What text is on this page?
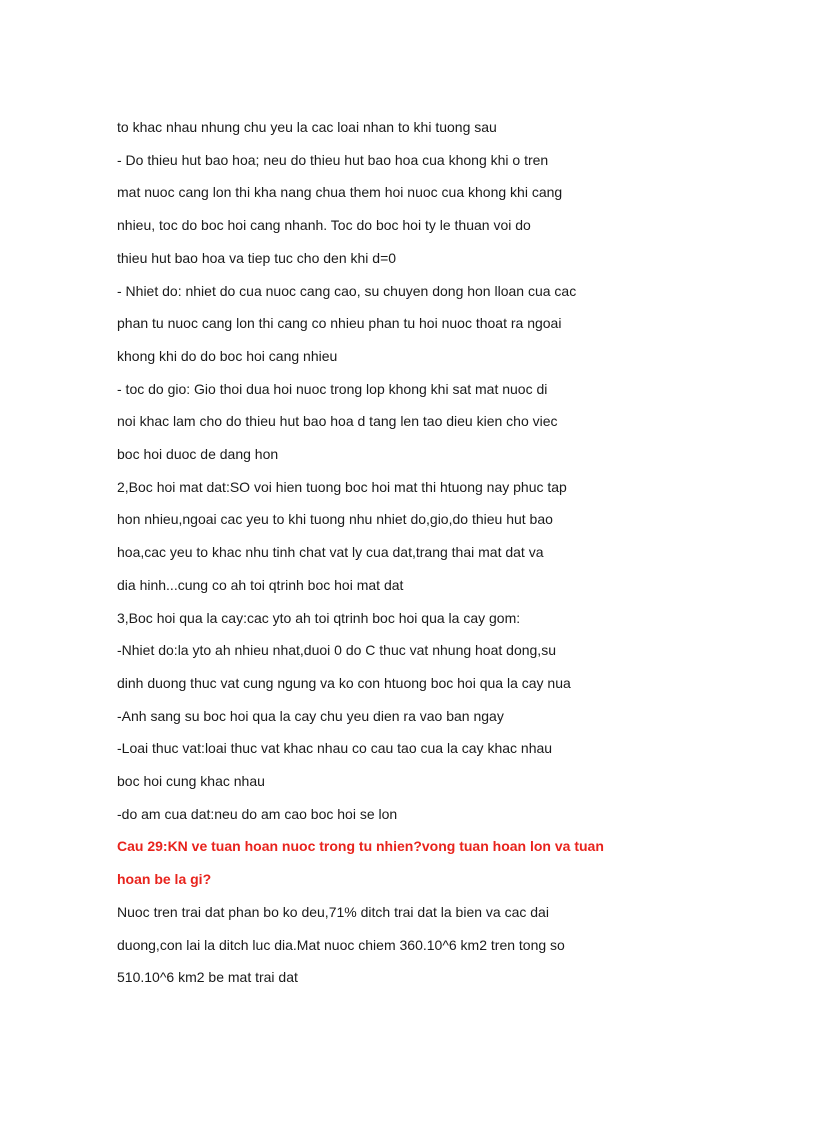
to khac nhau nhung chu yeu la cac loai nhan to khi tuong sau

- Do thieu hut bao hoa; neu do thieu hut bao hoa cua khong khi o tren

mat nuoc cang lon thi kha nang chua them hoi nuoc cua khong khi cang

nhieu, toc do boc hoi cang nhanh. Toc do boc hoi ty le thuan voi do

thieu hut bao hoa va tiep tuc cho den khi d=0

- Nhiet do: nhiet do cua nuoc cang cao, su chuyen dong hon lloan cua cac

phan tu nuoc cang lon thi cang co nhieu phan tu hoi nuoc thoat ra ngoai

khong khi do do boc hoi cang nhieu

- toc do gio: Gio thoi dua hoi nuoc trong lop khong khi sat mat nuoc di

noi khac lam cho do thieu hut bao hoa d tang len tao dieu kien cho viec

boc hoi duoc de dang hon

2,Boc hoi mat dat:SO voi hien tuong boc hoi mat thi htuong nay phuc tap

hon nhieu,ngoai cac yeu to khi tuong nhu nhiet do,gio,do thieu hut bao

hoa,cac yeu to khac nhu tinh chat vat ly cua dat,trang thai mat dat va

dia hinh...cung co ah toi qtrinh boc hoi mat dat

3,Boc hoi qua la cay:cac yto ah toi qtrinh boc hoi qua la cay gom:

-Nhiet do:la yto ah nhieu nhat,duoi 0 do C thuc vat nhung hoat dong,su

dinh duong thuc vat cung ngung va ko con htuong boc hoi qua la cay nua

-Anh sang su boc hoi qua la cay chu yeu dien ra vao ban ngay

-Loai thuc vat:loai thuc vat khac nhau co cau tao cua la cay khac nhau

boc hoi cung khac nhau

-do am cua dat:neu do am cao boc hoi se lon

Cau 29:KN ve tuan hoan nuoc trong tu nhien?vong tuan hoan lon va tuan

hoan be la gi?

Nuoc tren trai dat phan bo ko deu,71% ditch trai dat la bien va cac dai

duong,con lai la ditch luc dia.Mat nuoc chiem 360.10^6 km2 tren tong so

510.10^6 km2 be mat trai dat
